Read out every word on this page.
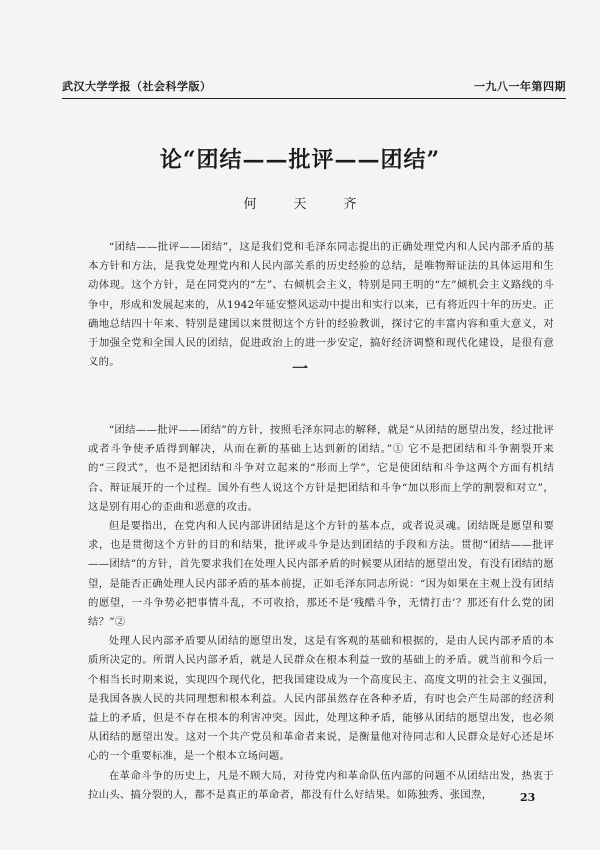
武汉大学学报（社会科学版）	一九八一年第四期
论“团结——批评——团结”
何　天　齐

“团结——批评——团结”，这是我们党和毛泽东同志提出的正确处理党内和人民内部矛盾的基本方针和方法，是我党处理党内和人民内部关系的历史经验的总结，是唯物辩证法的具体运用和生动体现。这个方针，是在同党内的“左”、右倾机会主义，特别是同王明的“左”倾机会主义路线的斗争中，形成和发展起来的，从1942年延安整风运动中提出和实行以来，已有将近四十年的历史。正确地总结四十年来、特别是建国以来贯彻这个方针的经验教训，探讨它的丰富内容和重大意义，对于加强全党和全国人民的团结，促进政治上的进一步安定，搞好经济调整和现代化建设，是很有意义的。	一

“团结——批评——团结”的方针，按照毛泽东同志的解释，就是“从团结的愿望出发，经过批评或者斗争使矛盾得到解决，从而在新的基础上达到新的团结。”① 它不是把团结和斗争割裂开来的“三段式”，也不是把团结和斗争对立起来的“形而上学”，它是使团结和斗争这两个方面有机结合、辩证展开的一个过程。国外有些人说这个方针是把团结和斗争“加以形而上学的割裂和对立”，这是别有用心的歪曲和恶意的攻击。

但是要指出，在党内和人民内部讲团结是这个方针的基本点，或者说灵魂。团结既是愿望和要求，也是贯彻这个方针的目的和结果，批评或斗争是达到团结的手段和方法。贯彻“团结——批评——团结”的方针，首先要求我们在处理人民内部矛盾的时候要从团结的愿望出发，有没有团结的愿望，是能否正确处理人民内部矛盾的基本前提，正如毛泽东同志所说：“因为如果在主观上没有团结的愿望，一斗争势必把事情斗乱，不可收拾，那还不是‘残酷斗争，无情打击’？那还有什么党的团结？”②

处理人民内部矛盾要从团结的愿望出发，这是有客观的基础和根据的，是由人民内部矛盾的本质所决定的。所谓人民内部矛盾，就是人民群众在根本利益一致的基础上的矛盾。就当前和今后一个相当长时期来说，实现四个现代化，把我国建设成为一个高度民主、高度文明的社会主义强国，是我国各族人民的共同理想和根本利益。人民内部虽然存在各种矛盾，有时也会产生局部的经济利益上的矛盾，但是不存在根本的利害冲突。因此，处理这种矛盾，能够从团结的愿望出发，也必须从团结的愿望出发。这对一个共产党员和革命者来说，是衡量他对待同志和人民群众是好心还是坏心的一个重要标准，是一个根本立场问题。

在革命斗争的历史上，凡是不顾大局，对待党内和革命队伍内部的问题不从团结出发，热衷于拉山头、搞分裂的人，都不是真正的革命者，都没有什么好结果。如陈独秀、张国焘，	23
